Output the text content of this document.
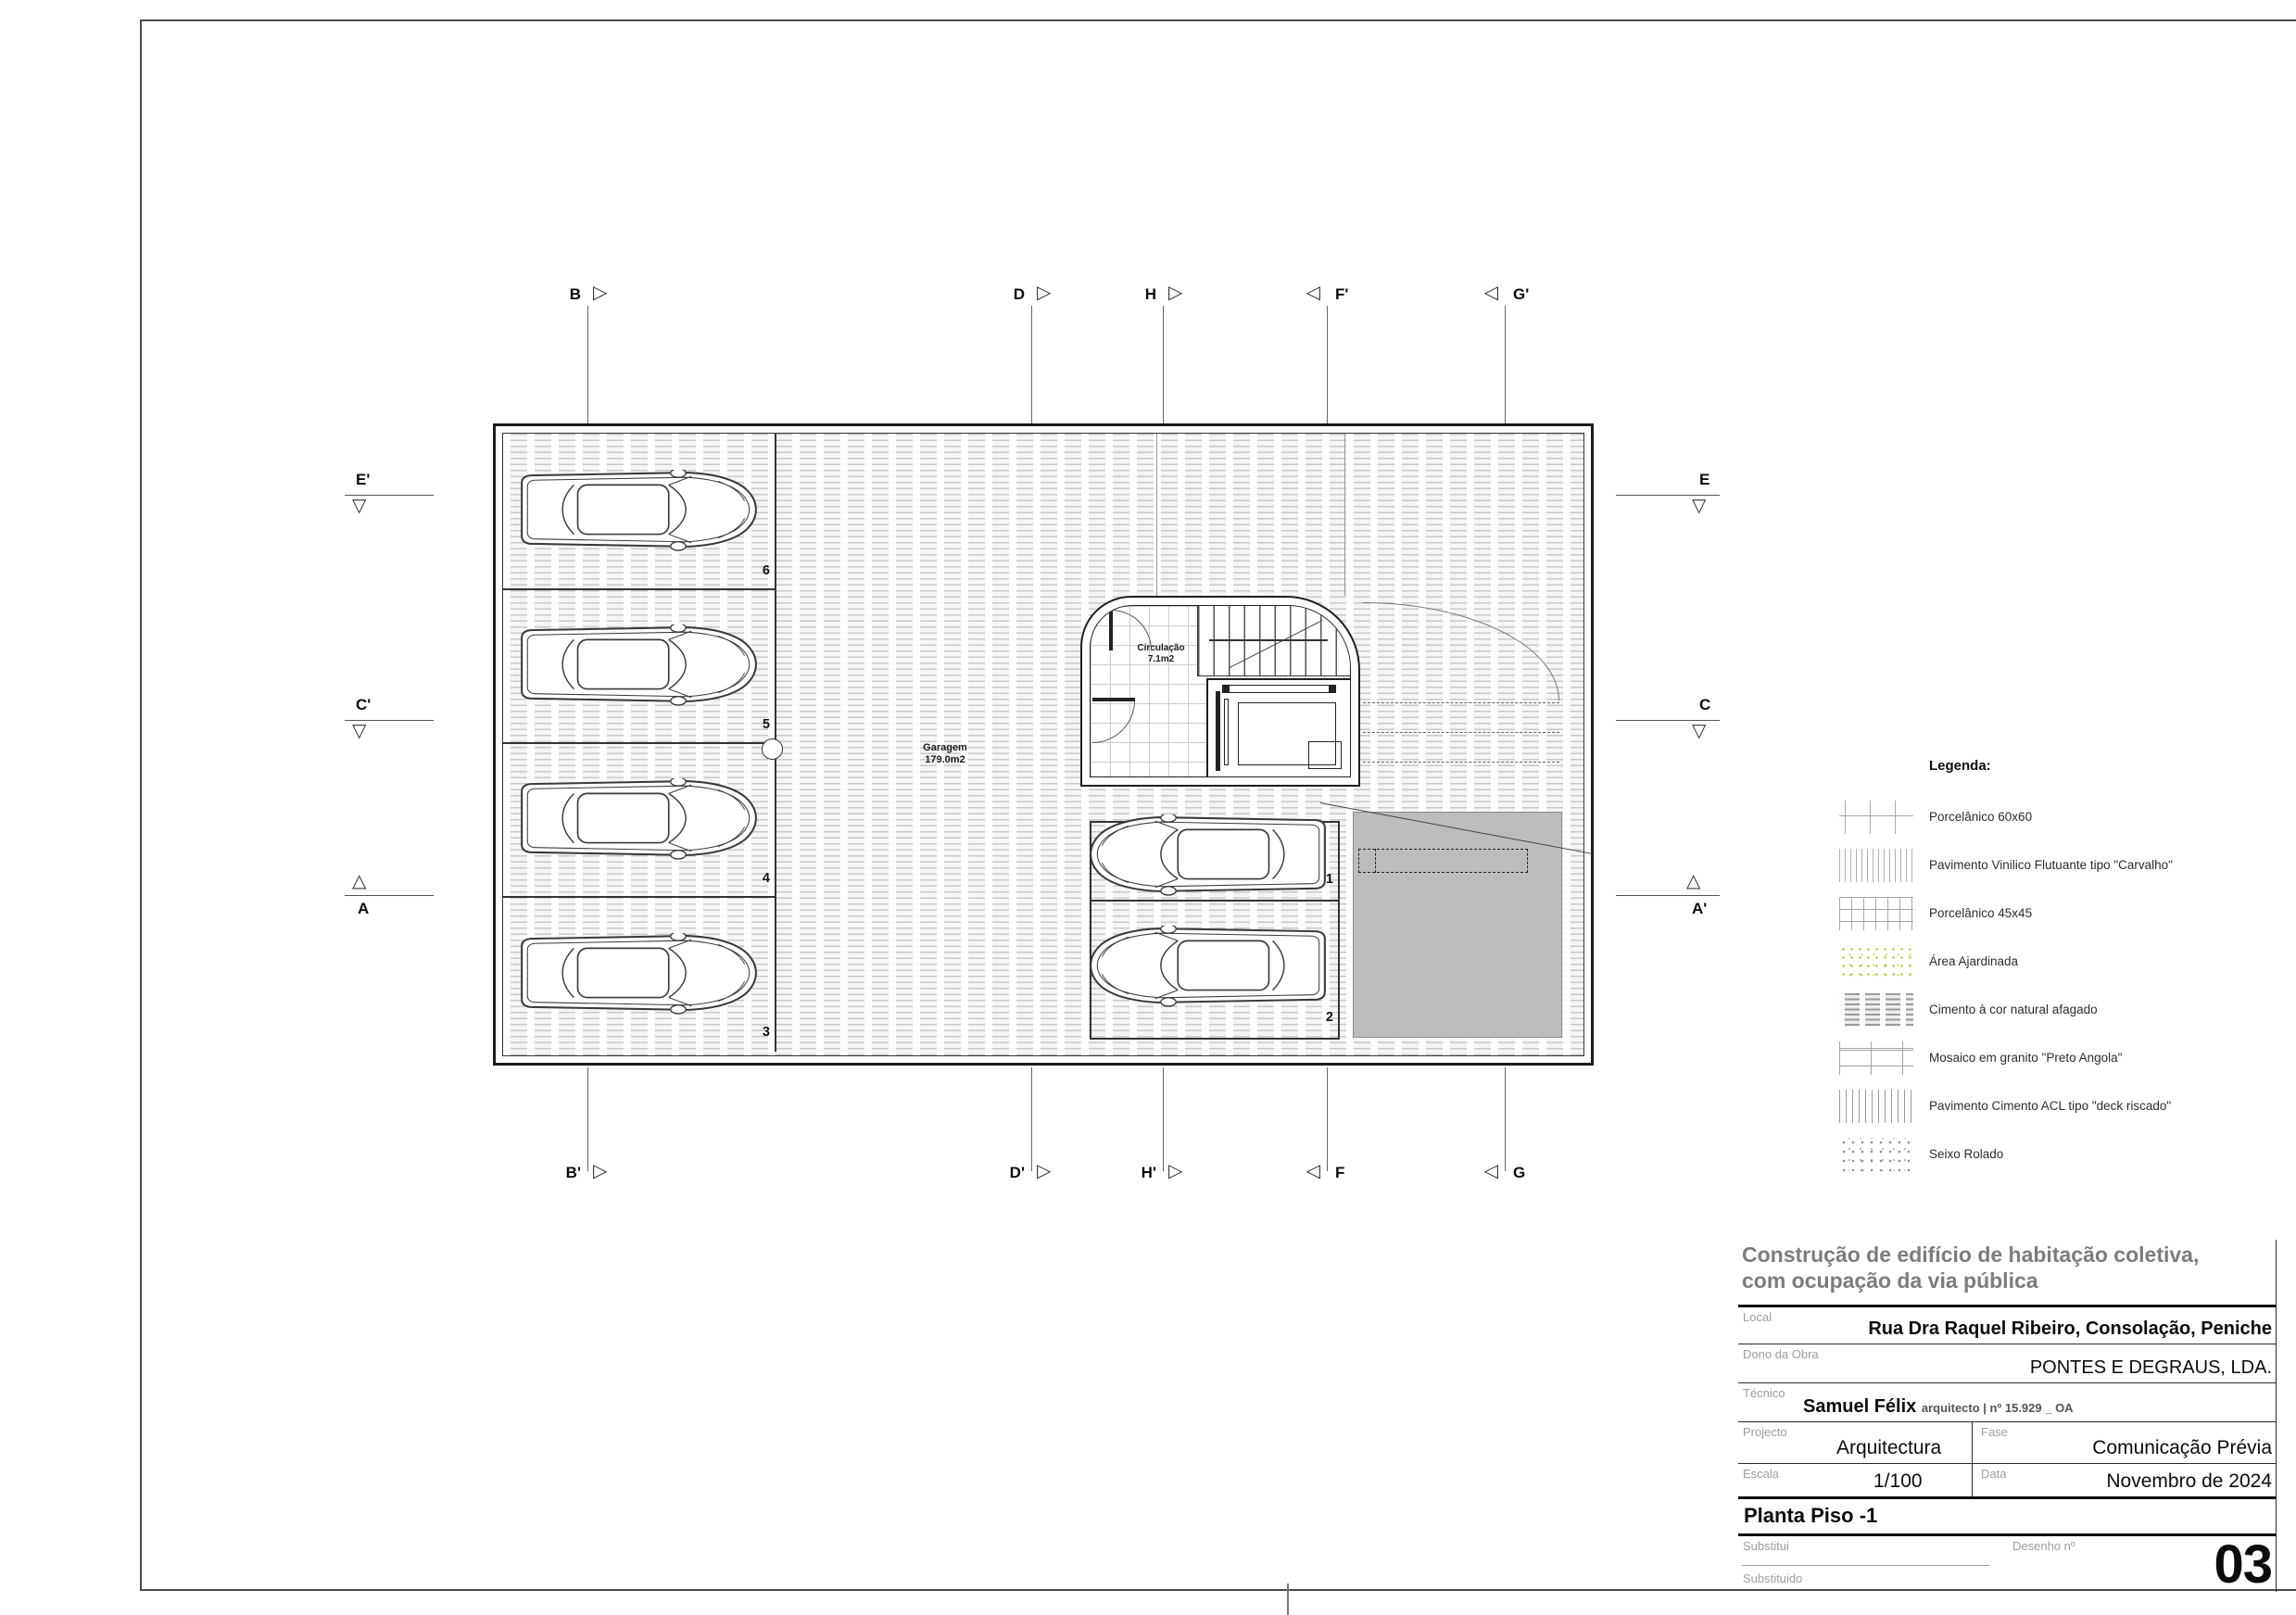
6
5
4
3
Garagem
179.0m2
Circulação
7.1m2
1
2
B ▷	D ▷	H ▷	F'
◁	G'
◁
B' ▷	D' ▷	H' ▷	F
◁	G
◁
E'
▽
C'
▽
△
A
E
▽
C
▽
△
A'
Legenda:
Porcelânico 60x60
Pavimento Vinilico Flutuante tipo "Carvalho"
Porcelânico 45x45
Área Ajardinada
Cimento à cor natural afagado
Mosaico em granito "Preto Angola"
Pavimento Cimento ACL tipo "deck riscado"
Seixo Rolado
Construção de edifício de habitação coletiva,
com ocupação da via pública
Local
Rua Dra Raquel Ribeiro, Consolação, Peniche
Dono da Obra
PONTES E DEGRAUS, LDA.
Técnico
Samuel Félix arquitecto | nº 15.929 _ OA
Projecto
Arquitectura
Fase
Comunicação Prévia
Escala	1/100	Data	Novembro de 2024
Planta Piso -1
Substitui
Substituido
Desenho nº	03
